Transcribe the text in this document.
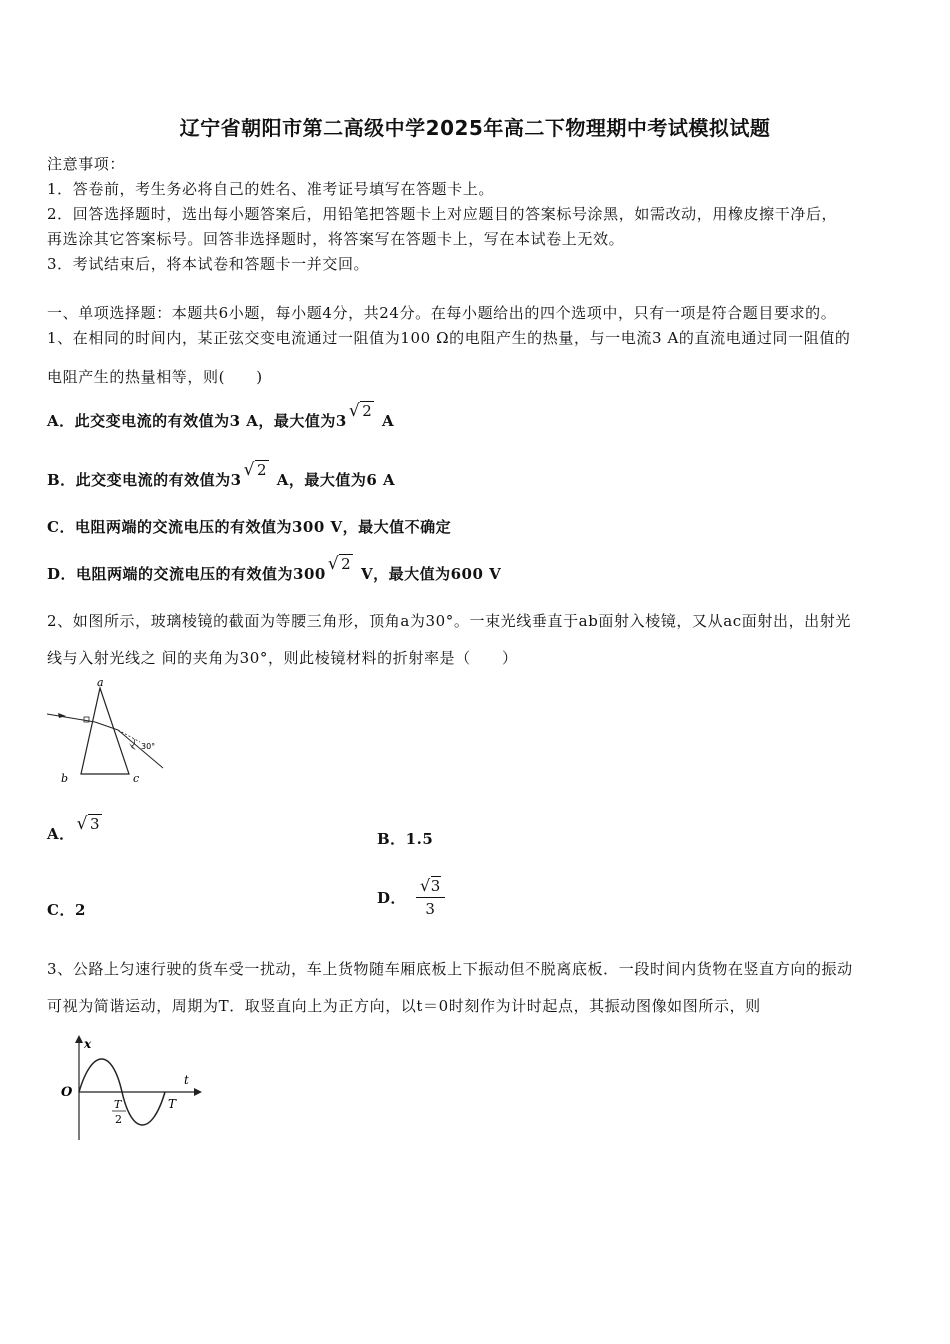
辽宁省朝阳市第二高级中学2025年高二下物理期中考试模拟试题
注意事项：
1．答卷前，考生务必将自己的姓名、准考证号填写在答题卡上。
2．回答选择题时，选出每小题答案后，用铅笔把答题卡上对应题目的答案标号涂黑，如需改动，用橡皮擦干净后，
再选涂其它答案标号。回答非选择题时，将答案写在答题卡上，写在本试卷上无效。
3．考试结束后，将本试卷和答题卡一并交回。
一、单项选择题：本题共6小题，每小题4分，共24分。在每小题给出的四个选项中，只有一项是符合题目要求的。
1、在相同的时间内，某正弦交变电流通过一阻值为100 Ω的电阻产生的热量，与一电流3 A的直流电通过同一阻值的
电阻产生的热量相等，则(　　)
A．此交变电流的有效值为3 A，最大值为3 √ 2 A
B．此交变电流的有效值为3 √ 2 A，最大值为6 A
C．电阻两端的交流电压的有效值为300 V，最大值不确定
D．电阻两端的交流电压的有效值为300 √ 2 V，最大值为600 V
2、如图所示，玻璃棱镜的截面为等腰三角形，顶角a为30°。一束光线垂直于ab面射入棱镜，又从ac面射出，出射光
线与入射光线之 间的夹角为30°，则此棱镜材料的折射率是（　　）
a
b	c
30°
A． √ 3
B．1.5
C．2
D． $\frac{√3}{3}$
3、公路上匀速行驶的货车受一扰动，车上货物随车厢底板上下振动但不脱离底板．一段时间内货物在竖直方向的振动
可视为简谐运动，周期为T．取竖直向上为正方向，以t＝0时刻作为计时起点，其振动图像如图所示，则
x
t
O
T
T
2
